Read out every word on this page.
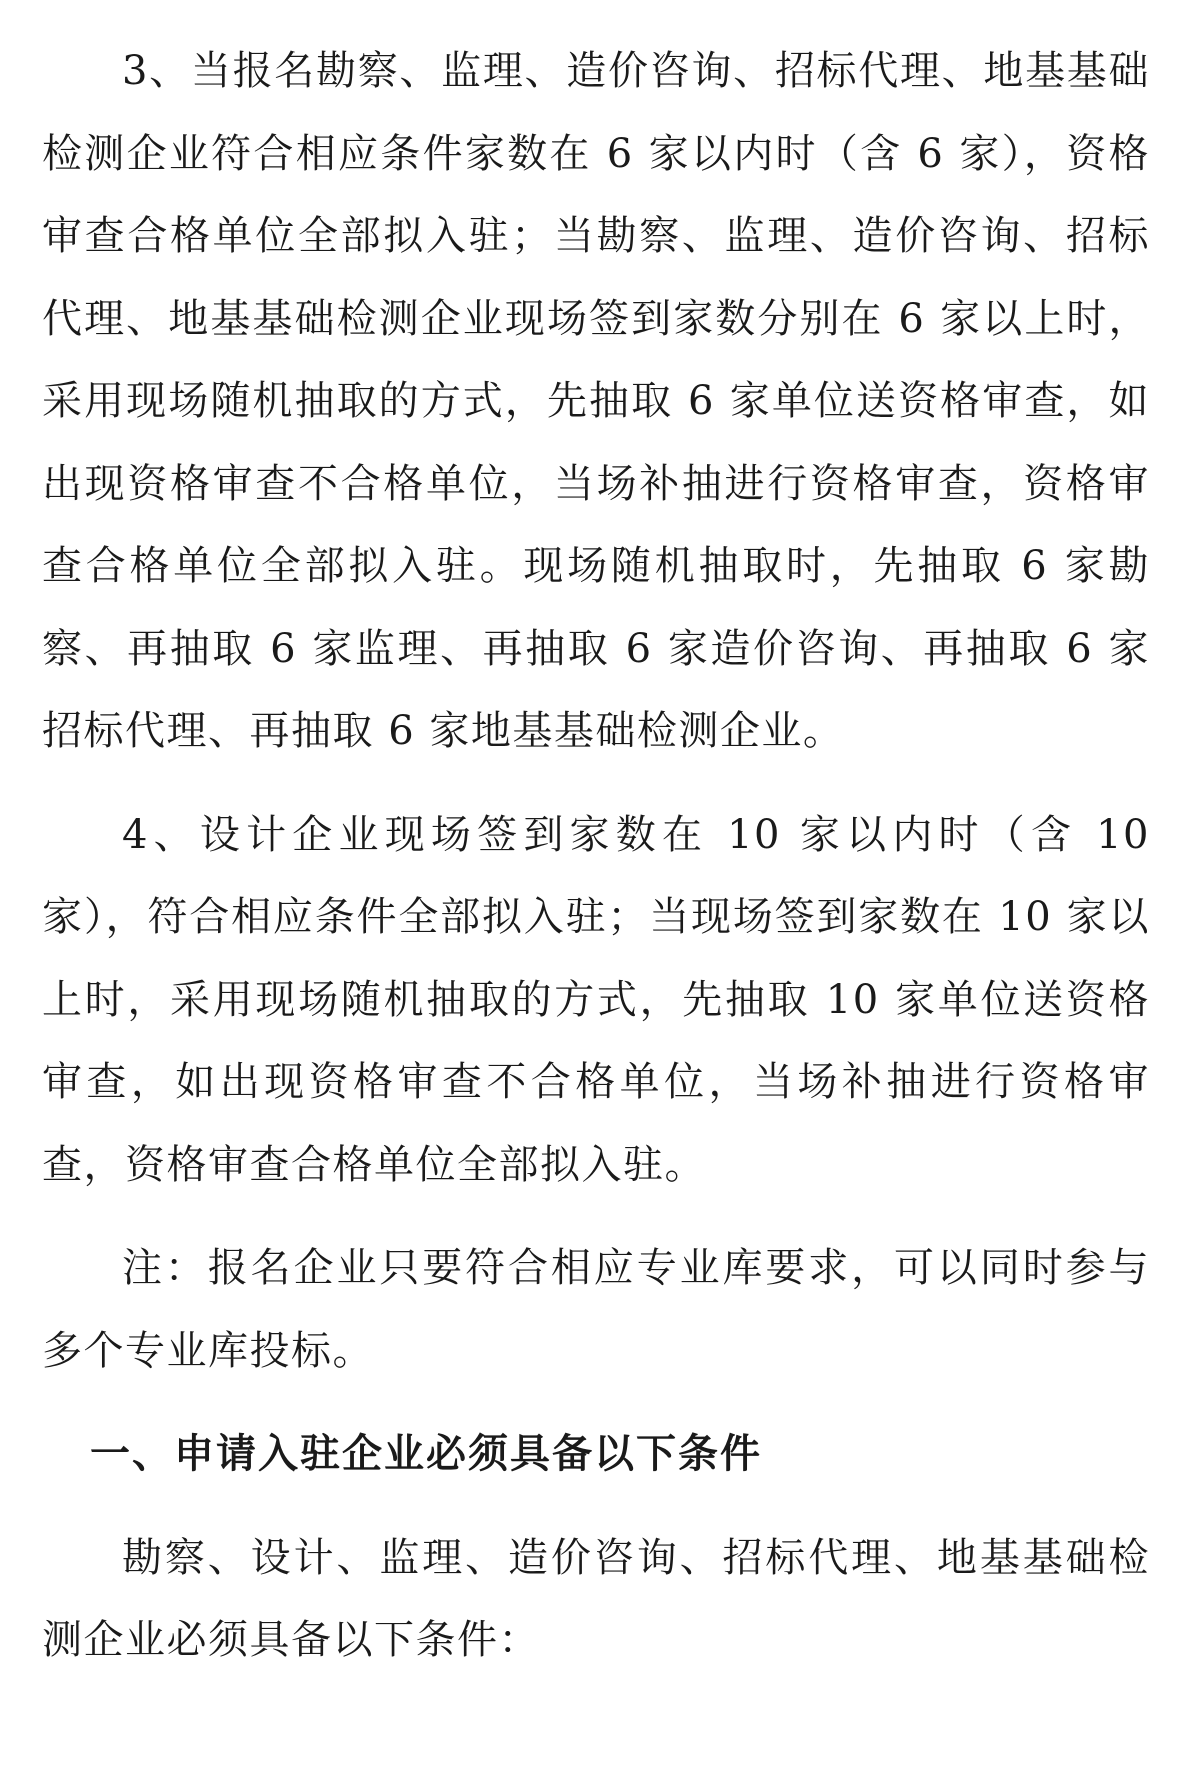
3、当报名勘察、监理、造价咨询、招标代理、地基基础检测企业符合相应条件家数在 6 家以内时（含 6 家），资格审查合格单位全部拟入驻；当勘察、监理、造价咨询、招标代理、地基基础检测企业现场签到家数分别在 6 家以上时，采用现场随机抽取的方式，先抽取 6 家单位送资格审查，如出现资格审查不合格单位，当场补抽进行资格审查，资格审查合格单位全部拟入驻。现场随机抽取时，先抽取 6 家勘察、再抽取 6 家监理、再抽取 6 家造价咨询、再抽取 6 家招标代理、再抽取 6 家地基基础检测企业。

4、设计企业现场签到家数在 10 家以内时（含 10 家），符合相应条件全部拟入驻；当现场签到家数在 10 家以上时，采用现场随机抽取的方式，先抽取 10 家单位送资格审查，如出现资格审查不合格单位，当场补抽进行资格审查，资格审查合格单位全部拟入驻。

注：报名企业只要符合相应专业库要求，可以同时参与多个专业库投标。

一、申请入驻企业必须具备以下条件

勘察、设计、监理、造价咨询、招标代理、地基基础检测企业必须具备以下条件：
